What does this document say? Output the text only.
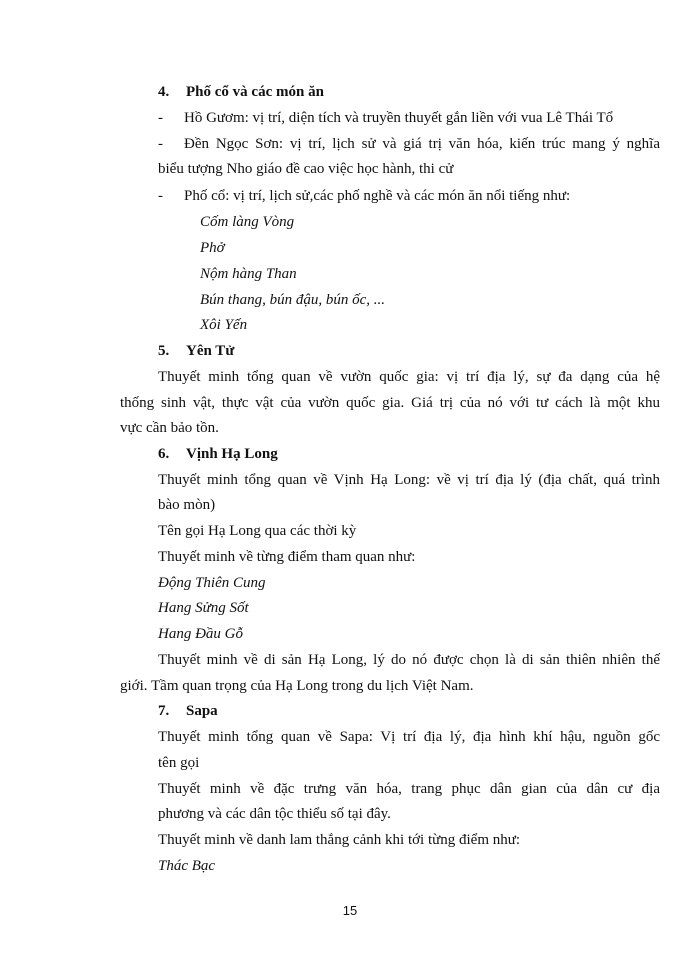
4. Phố cổ và các món ăn
- Hồ Gươm: vị trí, diện tích và truyền thuyết gắn liền với vua Lê Thái Tổ
- Đền Ngọc Sơn: vị trí, lịch sử và giá trị văn hóa, kiến trúc mang ý nghĩa
biểu tượng Nho giáo đề cao việc học hành, thi cử
- Phố cổ: vị trí, lịch sử,các phố nghề và các món ăn nổi tiếng như:
Cốm làng Vòng
Phở
Nộm hàng Than
Bún thang, bún đậu, bún ốc, ...
Xôi Yến
5. Yên Tử
Thuyết minh tổng quan về vườn quốc gia: vị trí địa lý, sự đa dạng của hệ
thống sinh vật, thực vật của vườn quốc gia. Giá trị của nó với tư cách là một khu
vực cần bảo tồn.
6. Vịnh Hạ Long
Thuyết minh tổng quan về Vịnh Hạ Long: về vị trí địa lý (địa chất, quá trình
bào mòn)
Tên gọi Hạ Long qua các thời kỳ
Thuyết minh về từng điểm tham quan như:
Động Thiên Cung
Hang Sửng Sốt
Hang Đầu Gỗ
Thuyết minh về di sản Hạ Long, lý do nó được chọn là di sản thiên nhiên thế
giới. Tầm quan trọng của Hạ Long trong du lịch Việt Nam.
7. Sapa
Thuyết minh tổng quan về Sapa: Vị trí địa lý, địa hình khí hậu, nguồn gốc
tên gọi
Thuyết minh về đặc trưng văn hóa, trang phục dân gian của dân cư địa
phương và các dân tộc thiểu số tại đây.
Thuyết minh về danh lam thắng cảnh khi tới từng điểm như:
Thác Bạc
15
